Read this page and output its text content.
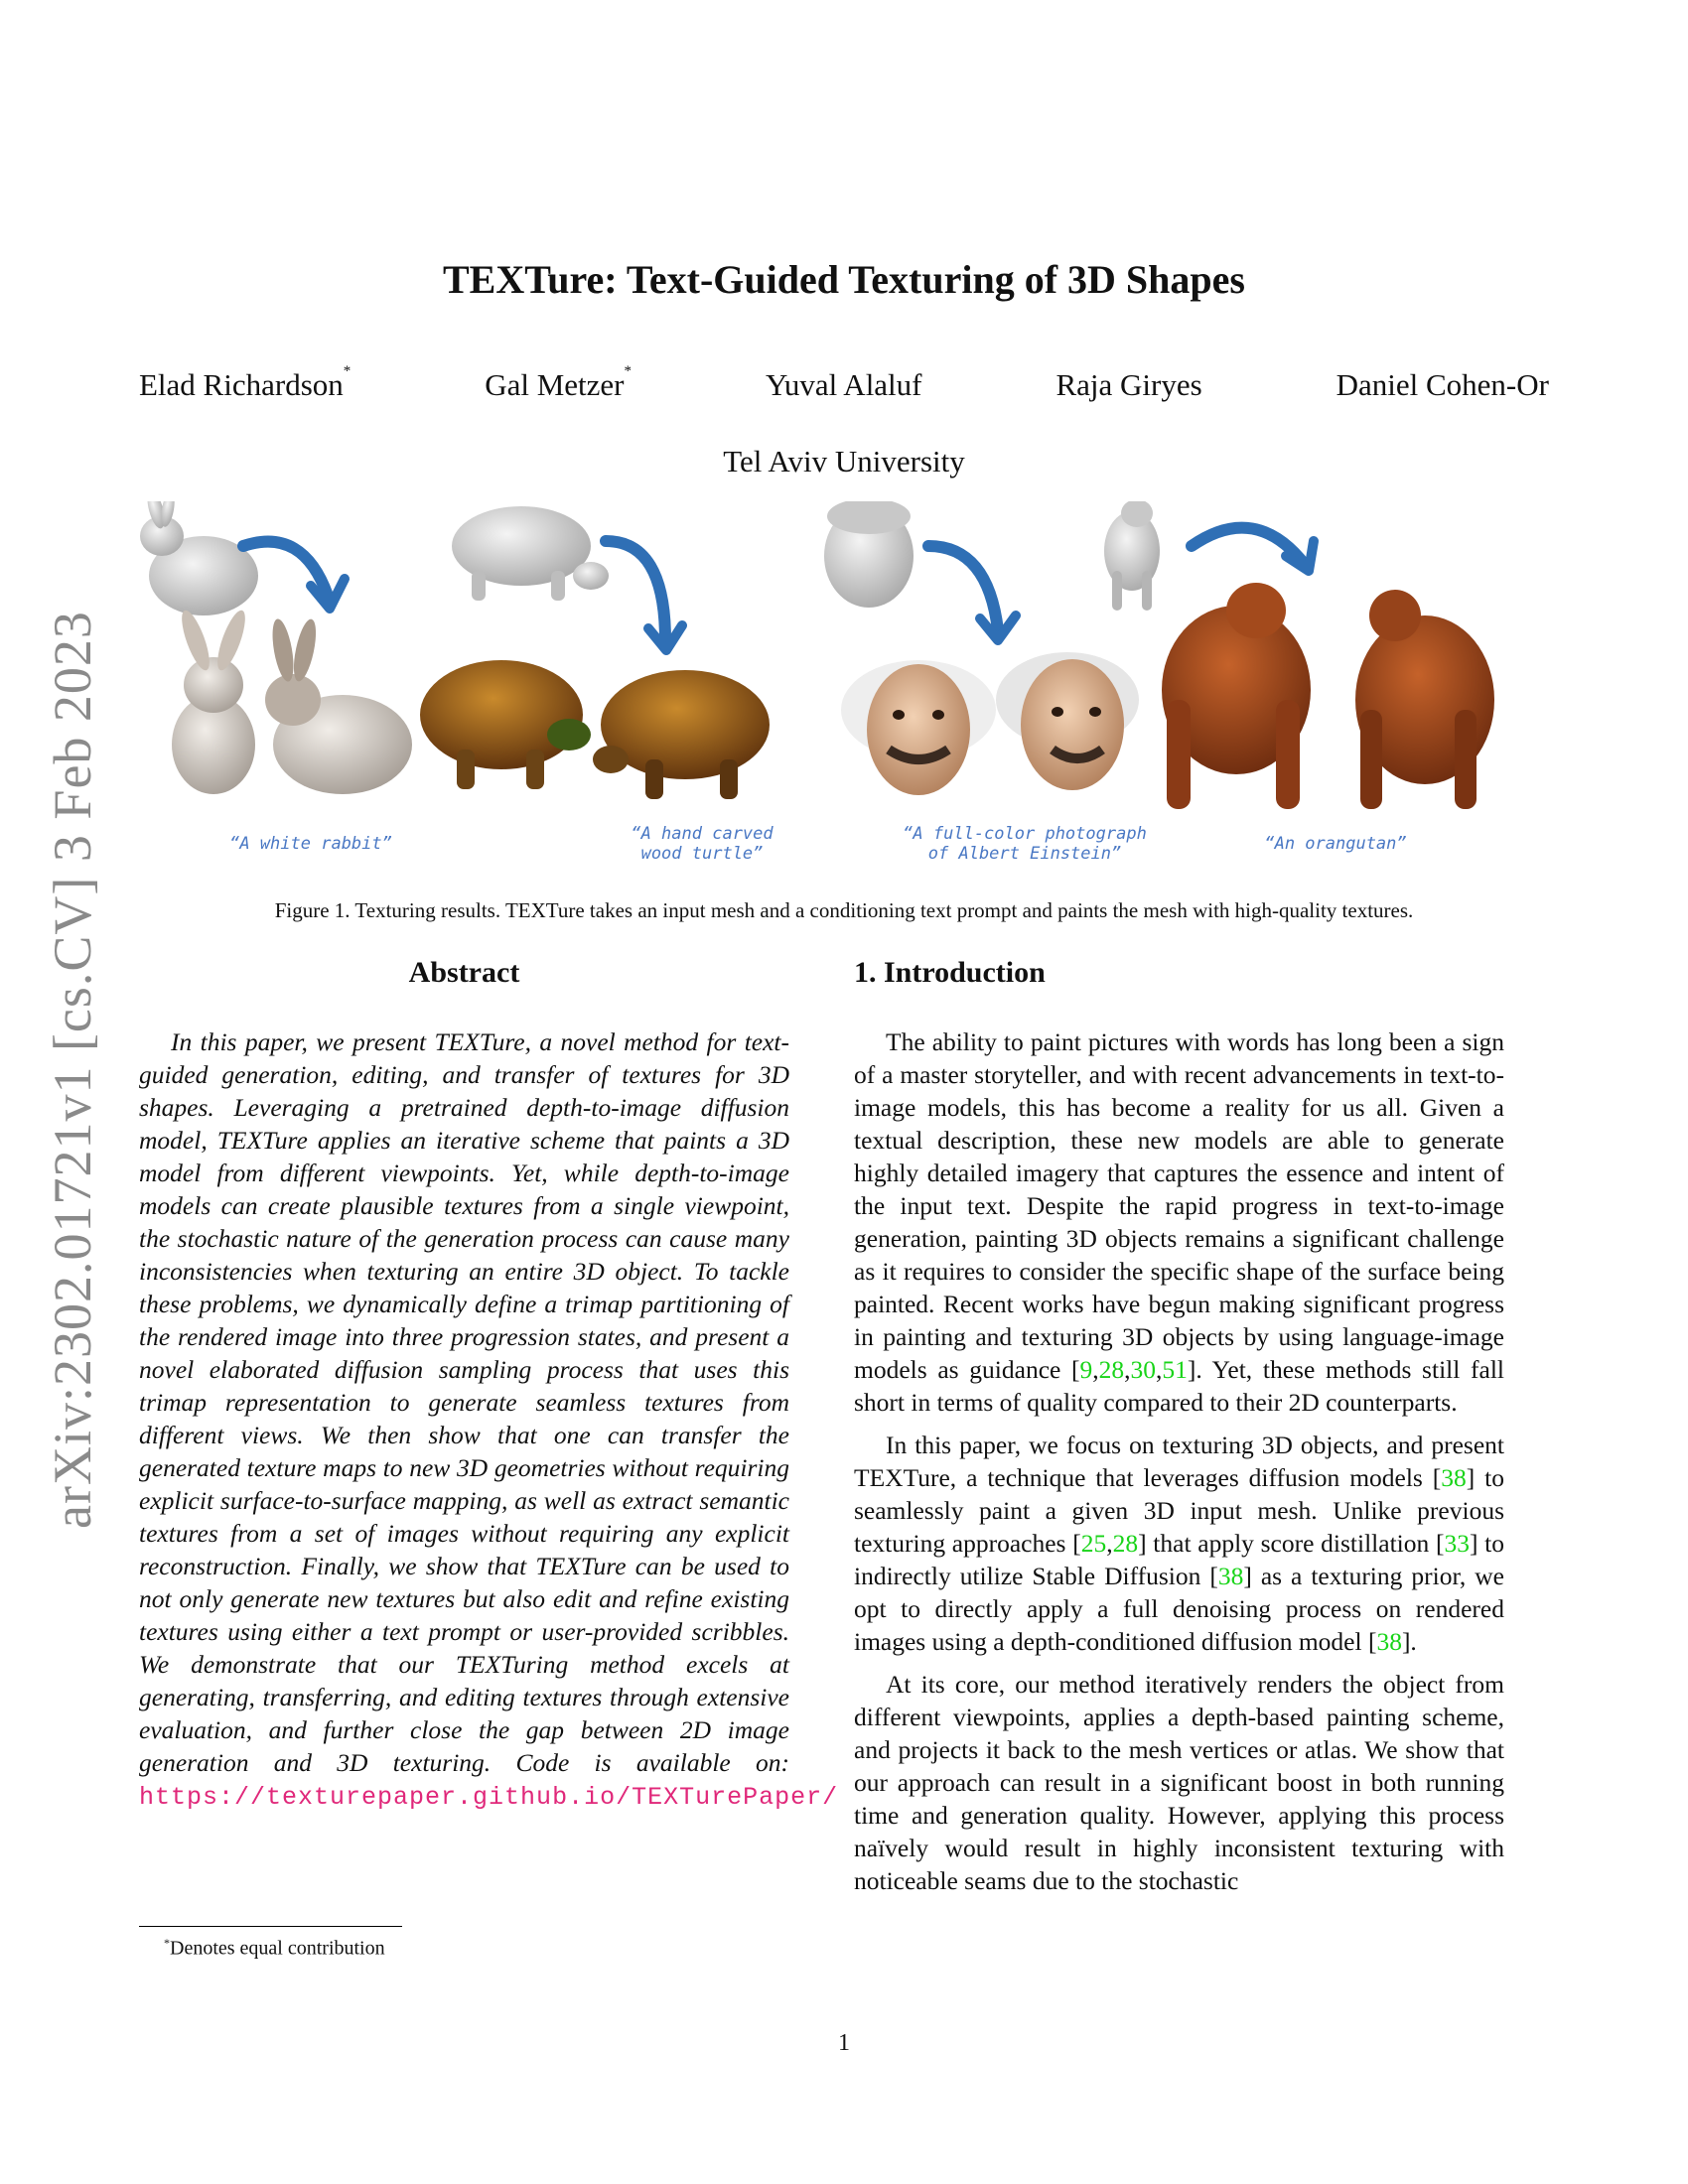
arXiv:2302.01721v1 [cs.CV] 3 Feb 2023
TEXTure: Text-Guided Texturing of 3D Shapes
Elad Richardson*	Gal Metzer*	Yuval Alaluf	Raja Giryes	Daniel Cohen-Or
Tel Aviv University
“A white rabbit”	“A hand carved
wood turtle”
“A full-color photograph
of Albert Einstein”	“An orangutan”
Figure 1. Texturing results. TEXTure takes an input mesh and a conditioning text prompt and paints the mesh with high-quality textures.
Abstract
In this paper, we present TEXTure, a novel method for text-guided generation, editing, and transfer of textures for 3D shapes. Leveraging a pretrained depth-to-image diffusion model, TEXTure applies an iterative scheme that paints a 3D model from different viewpoints. Yet, while depth-to-image models can create plausible textures from a single viewpoint, the stochastic nature of the generation process can cause many inconsistencies when texturing an entire 3D object. To tackle these problems, we dynamically define a trimap partitioning of the rendered image into three progression states, and present a novel elaborated diffusion sampling process that uses this trimap representation to generate seamless textures from different views. We then show that one can transfer the generated texture maps to new 3D geometries without requiring explicit surface-to-surface mapping, as well as extract semantic textures from a set of images without requiring any explicit reconstruction. Finally, we show that TEXTure can be used to not only generate new textures but also edit and refine existing textures using either a text prompt or user-provided scribbles. We demonstrate that our TEXTuring method excels at generating, transferring, and editing textures through extensive evaluation, and further close the gap between 2D image generation and 3D texturing. Code is available on: https://texturepaper.github.io/TEXTurePaper/
*Denotes equal contribution
1. Introduction

The ability to paint pictures with words has long been a sign of a master storyteller, and with recent advancements in text-to-image models, this has become a reality for us all. Given a textual description, these new models are able to generate highly detailed imagery that captures the essence and intent of the input text. Despite the rapid progress in text-to-image generation, painting 3D objects remains a significant challenge as it requires to consider the specific shape of the surface being painted. Recent works have begun making significant progress in painting and texturing 3D objects by using language-image models as guidance [9,28,30,51]. Yet, these methods still fall short in terms of quality compared to their 2D counterparts.

In this paper, we focus on texturing 3D objects, and present TEXTure, a technique that leverages diffusion models [38] to seamlessly paint a given 3D input mesh. Unlike previous texturing approaches [25,28] that apply score distillation [33] to indirectly utilize Stable Diffusion [38] as a texturing prior, we opt to directly apply a full denoising process on rendered images using a depth-conditioned diffusion model [38].

At its core, our method iteratively renders the object from different viewpoints, applies a depth-based painting scheme, and projects it back to the mesh vertices or atlas. We show that our approach can result in a significant boost in both running time and generation quality. However, applying this process naïvely would result in highly inconsistent texturing with noticeable seams due to the stochastic

1
